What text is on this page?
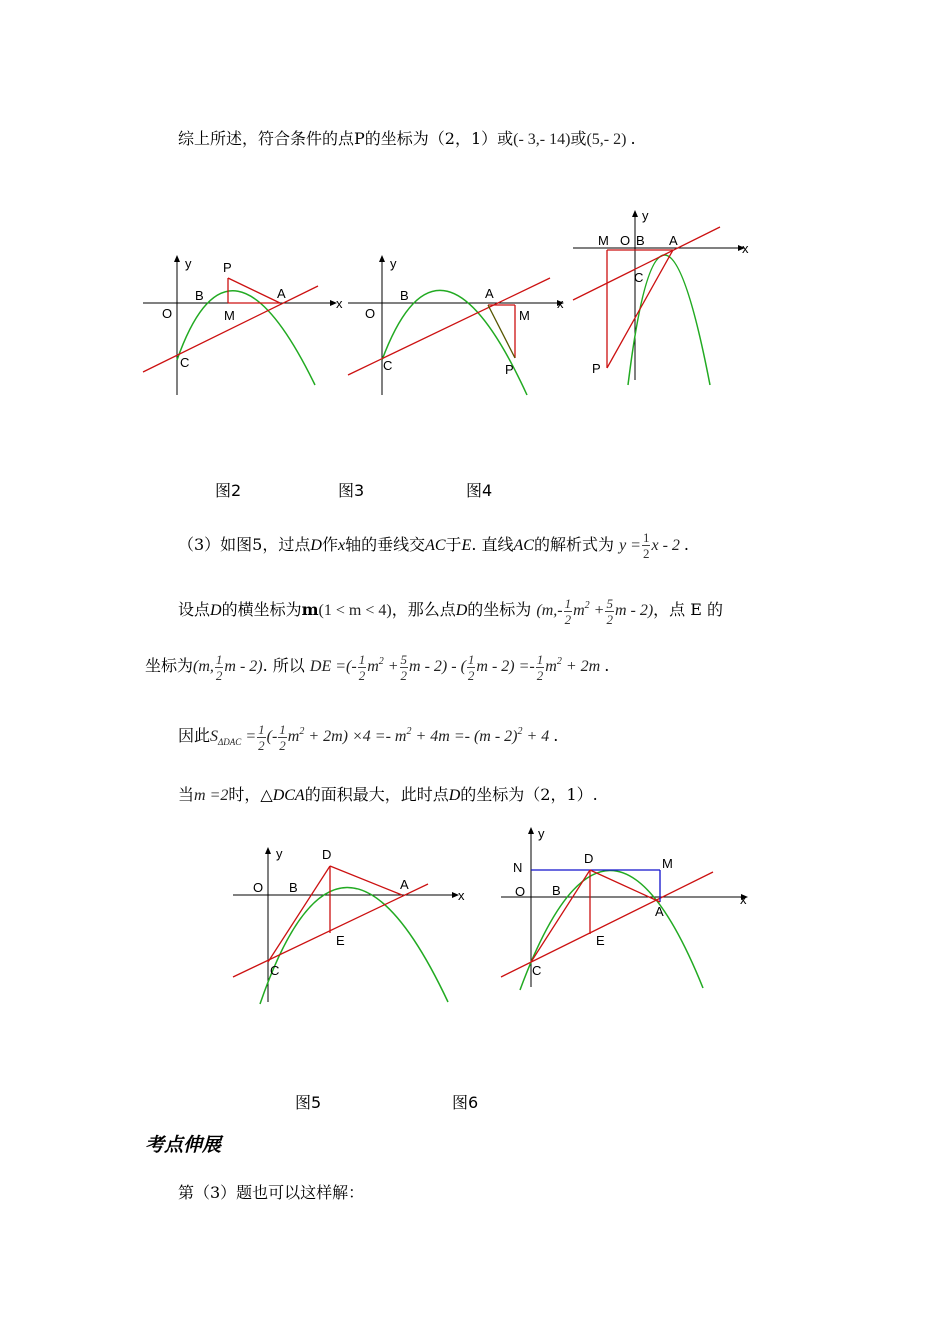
综上所述，符合条件的点P的坐标为（2，1）或(- 3,- 14)或(5,- 2) .
y
x
O
B
P
A
M
C
y
x
O
B	A
M
C	P
y
x
M O B A
C
P
图2	图3	图4
（3）如图5，过点D作x轴的垂线交AC于E. 直线AC的解析式为 $y = \frac{1}{2}$ x - 2 .
设点D的横坐标为m(1 < m < 4)，那么点D的坐标为 ($m,- \frac{1}{2} m^2 + \frac{5}{2}$ m - 2)，点 E 的
坐标为(m, $\frac{1}{2}$ m - 2). 所以 DE =(- $\frac{1}{2} m^2 + \frac{5}{2}$ m - 2) - ( $\frac{1}{2}$ $m - 2) =- \frac{1}{2} m^2 + 2m$ .
因此$S_{\Delta DAC} = \frac{1}{2}$ (- $\frac{1}{2} m^2 + 2m) \times 4 =- m^2 + 4m =- (m - 2)^2 + 4$ .
当m =2时，△DCA的面积最大，此时点D的坐标为（2，1）.
y
x
O B
D
A
E
C
y
x
N
O B
D	M
A
E
C
图5	图6
考点伸展
第（3）题也可以这样解：
